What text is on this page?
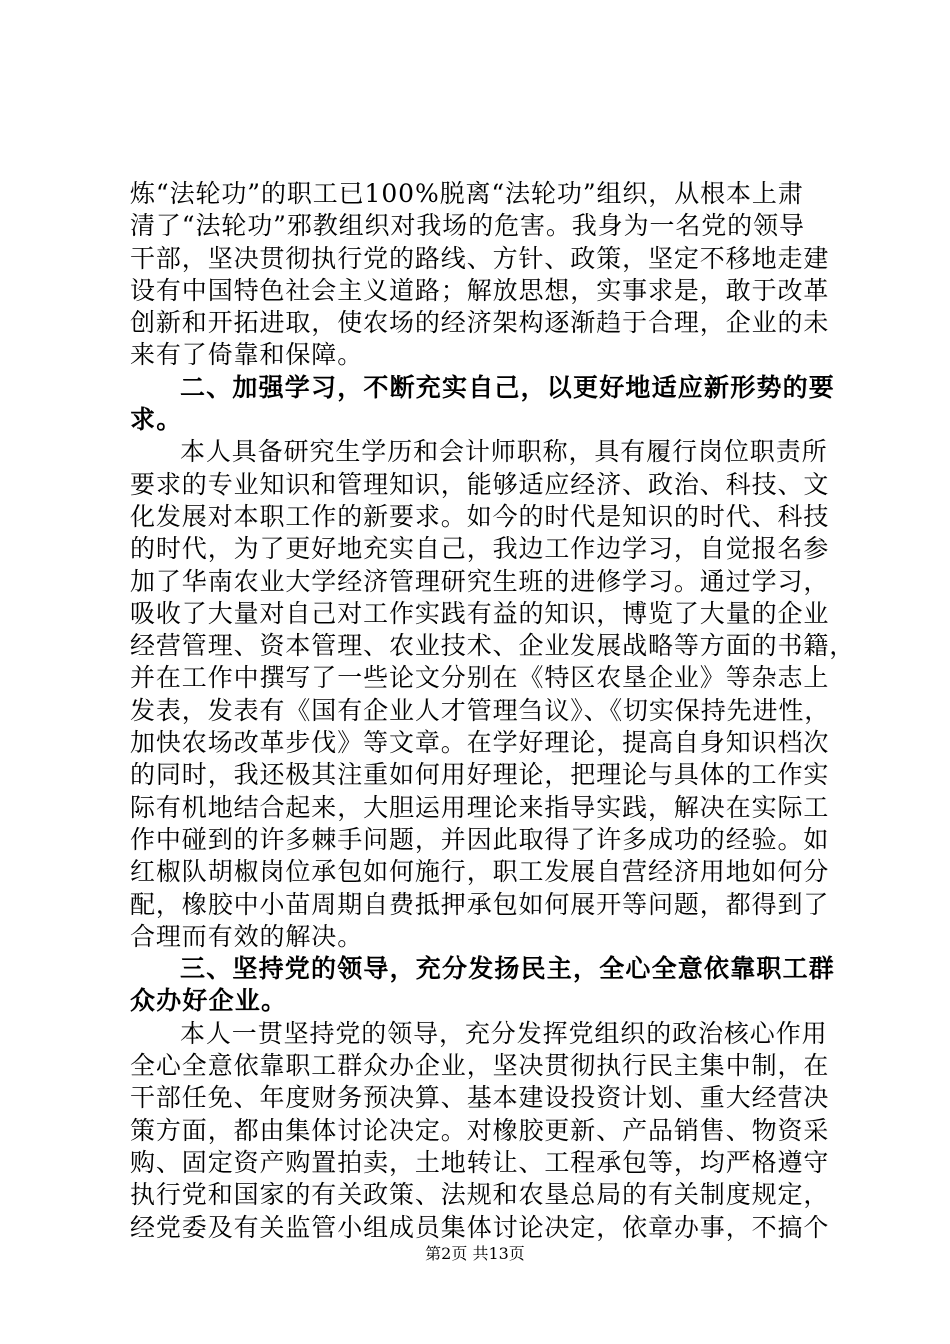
炼“法轮功”的职工已100%脱离“法轮功”组织，从根本上肃
清了“法轮功”邪教组织对我场的危害。我身为一名党的领导
干部，坚决贯彻执行党的路线、方针、政策，坚定不移地走建
设有中国特色社会主义道路；解放思想，实事求是，敢于改革
创新和开拓进取，使农场的经济架构逐渐趋于合理，企业的未
来有了倚靠和保障。
二、加强学习，不断充实自己，以更好地适应新形势的要
求。
本人具备研究生学历和会计师职称，具有履行岗位职责所
要求的专业知识和管理知识，能够适应经济、政治、科技、文
化发展对本职工作的新要求。如今的时代是知识的时代、科技
的时代，为了更好地充实自己，我边工作边学习，自觉报名参
加了华南农业大学经济管理研究生班的进修学习。通过学习，
吸收了大量对自己对工作实践有益的知识，博览了大量的企业
经营管理、资本管理、农业技术、企业发展战略等方面的书籍，
并在工作中撰写了一些论文分别在《特区农垦企业》等杂志上
发表，发表有《国有企业人才管理刍议》、《切实保持先进性，
加快农场改革步伐》等文章。在学好理论，提高自身知识档次
的同时，我还极其注重如何用好理论，把理论与具体的工作实
际有机地结合起来，大胆运用理论来指导实践，解决在实际工
作中碰到的许多棘手问题，并因此取得了许多成功的经验。如
红椒队胡椒岗位承包如何施行，职工发展自营经济用地如何分
配，橡胶中小苗周期自费抵押承包如何展开等问题，都得到了
合理而有效的解决。
三、坚持党的领导，充分发扬民主，全心全意依靠职工群
众办好企业。
本人一贯坚持党的领导，充分发挥党组织的政治核心作用
全心全意依靠职工群众办企业，坚决贯彻执行民主集中制，在
干部任免、年度财务预决算、基本建设投资计划、重大经营决
策方面，都由集体讨论决定。对橡胶更新、产品销售、物资采
购、固定资产购置拍卖，土地转让、工程承包等，均严格遵守
执行党和国家的有关政策、法规和农垦总局的有关制度规定，
经党委及有关监管小组成员集体讨论决定，依章办事，不搞个
第2页 共13页
